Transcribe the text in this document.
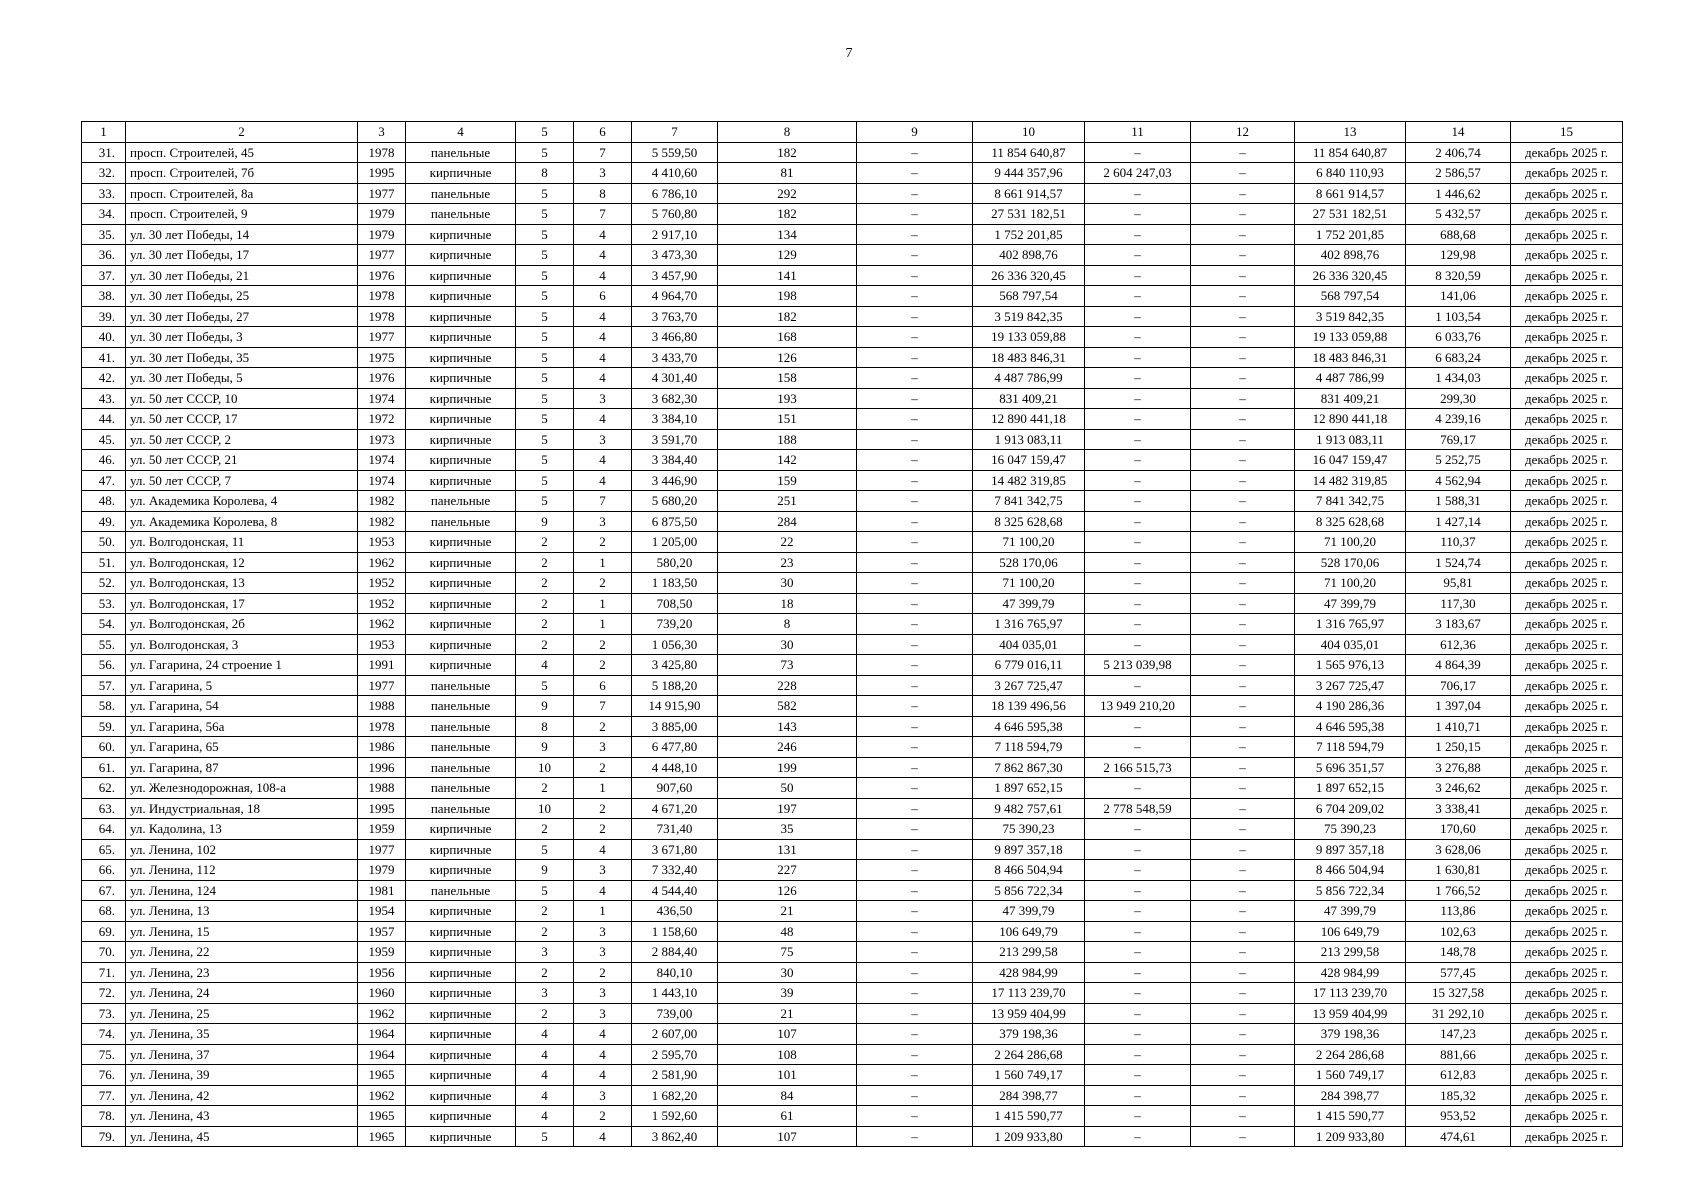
7
1	2	3	4	5	6	7	8	9	10	11	12	13	14	15
31.	просп. Строителей, 45	1978	панельные	5	7	5 559,50	182	–	11 854 640,87	–	–	11 854 640,87	2 406,74	декабрь 2025 г.
32.	просп. Строителей, 7б	1995	кирпичные	8	3	4 410,60	81	–	9 444 357,96	2 604 247,03	–	6 840 110,93	2 586,57	декабрь 2025 г.
33.	просп. Строителей, 8а	1977	панельные	5	8	6 786,10	292	–	8 661 914,57	–	–	8 661 914,57	1 446,62	декабрь 2025 г.
34.	просп. Строителей, 9	1979	панельные	5	7	5 760,80	182	–	27 531 182,51	–	–	27 531 182,51	5 432,57	декабрь 2025 г.
35.	ул. 30 лет Победы, 14	1979	кирпичные	5	4	2 917,10	134	–	1 752 201,85	–	–	1 752 201,85	688,68	декабрь 2025 г.
36.	ул. 30 лет Победы, 17	1977	кирпичные	5	4	3 473,30	129	–	402 898,76	–	–	402 898,76	129,98	декабрь 2025 г.
37.	ул. 30 лет Победы, 21	1976	кирпичные	5	4	3 457,90	141	–	26 336 320,45	–	–	26 336 320,45	8 320,59	декабрь 2025 г.
38.	ул. 30 лет Победы, 25	1978	кирпичные	5	6	4 964,70	198	–	568 797,54	–	–	568 797,54	141,06	декабрь 2025 г.
39.	ул. 30 лет Победы, 27	1978	кирпичные	5	4	3 763,70	182	–	3 519 842,35	–	–	3 519 842,35	1 103,54	декабрь 2025 г.
40.	ул. 30 лет Победы, 3	1977	кирпичные	5	4	3 466,80	168	–	19 133 059,88	–	–	19 133 059,88	6 033,76	декабрь 2025 г.
41.	ул. 30 лет Победы, 35	1975	кирпичные	5	4	3 433,70	126	–	18 483 846,31	–	–	18 483 846,31	6 683,24	декабрь 2025 г.
42.	ул. 30 лет Победы, 5	1976	кирпичные	5	4	4 301,40	158	–	4 487 786,99	–	–	4 487 786,99	1 434,03	декабрь 2025 г.
43.	ул. 50 лет СССР, 10	1974	кирпичные	5	3	3 682,30	193	–	831 409,21	–	–	831 409,21	299,30	декабрь 2025 г.
44.	ул. 50 лет СССР, 17	1972	кирпичные	5	4	3 384,10	151	–	12 890 441,18	–	–	12 890 441,18	4 239,16	декабрь 2025 г.
45.	ул. 50 лет СССР, 2	1973	кирпичные	5	3	3 591,70	188	–	1 913 083,11	–	–	1 913 083,11	769,17	декабрь 2025 г.
46.	ул. 50 лет СССР, 21	1974	кирпичные	5	4	3 384,40	142	–	16 047 159,47	–	–	16 047 159,47	5 252,75	декабрь 2025 г.
47.	ул. 50 лет СССР, 7	1974	кирпичные	5	4	3 446,90	159	–	14 482 319,85	–	–	14 482 319,85	4 562,94	декабрь 2025 г.
48.	ул. Академика Королева, 4	1982	панельные	5	7	5 680,20	251	–	7 841 342,75	–	–	7 841 342,75	1 588,31	декабрь 2025 г.
49.	ул. Академика Королева, 8	1982	панельные	9	3	6 875,50	284	–	8 325 628,68	–	–	8 325 628,68	1 427,14	декабрь 2025 г.
50.	ул. Волгодонская, 11	1953	кирпичные	2	2	1 205,00	22	–	71 100,20	–	–	71 100,20	110,37	декабрь 2025 г.
51.	ул. Волгодонская, 12	1962	кирпичные	2	1	580,20	23	–	528 170,06	–	–	528 170,06	1 524,74	декабрь 2025 г.
52.	ул. Волгодонская, 13	1952	кирпичные	2	2	1 183,50	30	–	71 100,20	–	–	71 100,20	95,81	декабрь 2025 г.
53.	ул. Волгодонская, 17	1952	кирпичные	2	1	708,50	18	–	47 399,79	–	–	47 399,79	117,30	декабрь 2025 г.
54.	ул. Волгодонская, 2б	1962	кирпичные	2	1	739,20	8	–	1 316 765,97	–	–	1 316 765,97	3 183,67	декабрь 2025 г.
55.	ул. Волгодонская, 3	1953	кирпичные	2	2	1 056,30	30	–	404 035,01	–	–	404 035,01	612,36	декабрь 2025 г.
56.	ул. Гагарина, 24 строение 1	1991	кирпичные	4	2	3 425,80	73	–	6 779 016,11	5 213 039,98	–	1 565 976,13	4 864,39	декабрь 2025 г.
57.	ул. Гагарина, 5	1977	панельные	5	6	5 188,20	228	–	3 267 725,47	–	–	3 267 725,47	706,17	декабрь 2025 г.
58.	ул. Гагарина, 54	1988	панельные	9	7	14 915,90	582	–	18 139 496,56	13 949 210,20	–	4 190 286,36	1 397,04	декабрь 2025 г.
59.	ул. Гагарина, 56а	1978	панельные	8	2	3 885,00	143	–	4 646 595,38	–	–	4 646 595,38	1 410,71	декабрь 2025 г.
60.	ул. Гагарина, 65	1986	панельные	9	3	6 477,80	246	–	7 118 594,79	–	–	7 118 594,79	1 250,15	декабрь 2025 г.
61.	ул. Гагарина, 87	1996	панельные	10	2	4 448,10	199	–	7 862 867,30	2 166 515,73	–	5 696 351,57	3 276,88	декабрь 2025 г.
62.	ул. Железнодорожная, 108-а	1988	панельные	2	1	907,60	50	–	1 897 652,15	–	–	1 897 652,15	3 246,62	декабрь 2025 г.
63.	ул. Индустриальная, 18	1995	панельные	10	2	4 671,20	197	–	9 482 757,61	2 778 548,59	–	6 704 209,02	3 338,41	декабрь 2025 г.
64.	ул. Кадолина, 13	1959	кирпичные	2	2	731,40	35	–	75 390,23	–	–	75 390,23	170,60	декабрь 2025 г.
65.	ул. Ленина, 102	1977	кирпичные	5	4	3 671,80	131	–	9 897 357,18	–	–	9 897 357,18	3 628,06	декабрь 2025 г.
66.	ул. Ленина, 112	1979	кирпичные	9	3	7 332,40	227	–	8 466 504,94	–	–	8 466 504,94	1 630,81	декабрь 2025 г.
67.	ул. Ленина, 124	1981	панельные	5	4	4 544,40	126	–	5 856 722,34	–	–	5 856 722,34	1 766,52	декабрь 2025 г.
68.	ул. Ленина, 13	1954	кирпичные	2	1	436,50	21	–	47 399,79	–	–	47 399,79	113,86	декабрь 2025 г.
69.	ул. Ленина, 15	1957	кирпичные	2	3	1 158,60	48	–	106 649,79	–	–	106 649,79	102,63	декабрь 2025 г.
70.	ул. Ленина, 22	1959	кирпичные	3	3	2 884,40	75	–	213 299,58	–	–	213 299,58	148,78	декабрь 2025 г.
71.	ул. Ленина, 23	1956	кирпичные	2	2	840,10	30	–	428 984,99	–	–	428 984,99	577,45	декабрь 2025 г.
72.	ул. Ленина, 24	1960	кирпичные	3	3	1 443,10	39	–	17 113 239,70	–	–	17 113 239,70	15 327,58	декабрь 2025 г.
73.	ул. Ленина, 25	1962	кирпичные	2	3	739,00	21	–	13 959 404,99	–	–	13 959 404,99	31 292,10	декабрь 2025 г.
74.	ул. Ленина, 35	1964	кирпичные	4	4	2 607,00	107	–	379 198,36	–	–	379 198,36	147,23	декабрь 2025 г.
75.	ул. Ленина, 37	1964	кирпичные	4	4	2 595,70	108	–	2 264 286,68	–	–	2 264 286,68	881,66	декабрь 2025 г.
76.	ул. Ленина, 39	1965	кирпичные	4	4	2 581,90	101	–	1 560 749,17	–	–	1 560 749,17	612,83	декабрь 2025 г.
77.	ул. Ленина, 42	1962	кирпичные	4	3	1 682,20	84	–	284 398,77	–	–	284 398,77	185,32	декабрь 2025 г.
78.	ул. Ленина, 43	1965	кирпичные	4	2	1 592,60	61	–	1 415 590,77	–	–	1 415 590,77	953,52	декабрь 2025 г.
79.	ул. Ленина, 45	1965	кирпичные	5	4	3 862,40	107	–	1 209 933,80	–	–	1 209 933,80	474,61	декабрь 2025 г.
